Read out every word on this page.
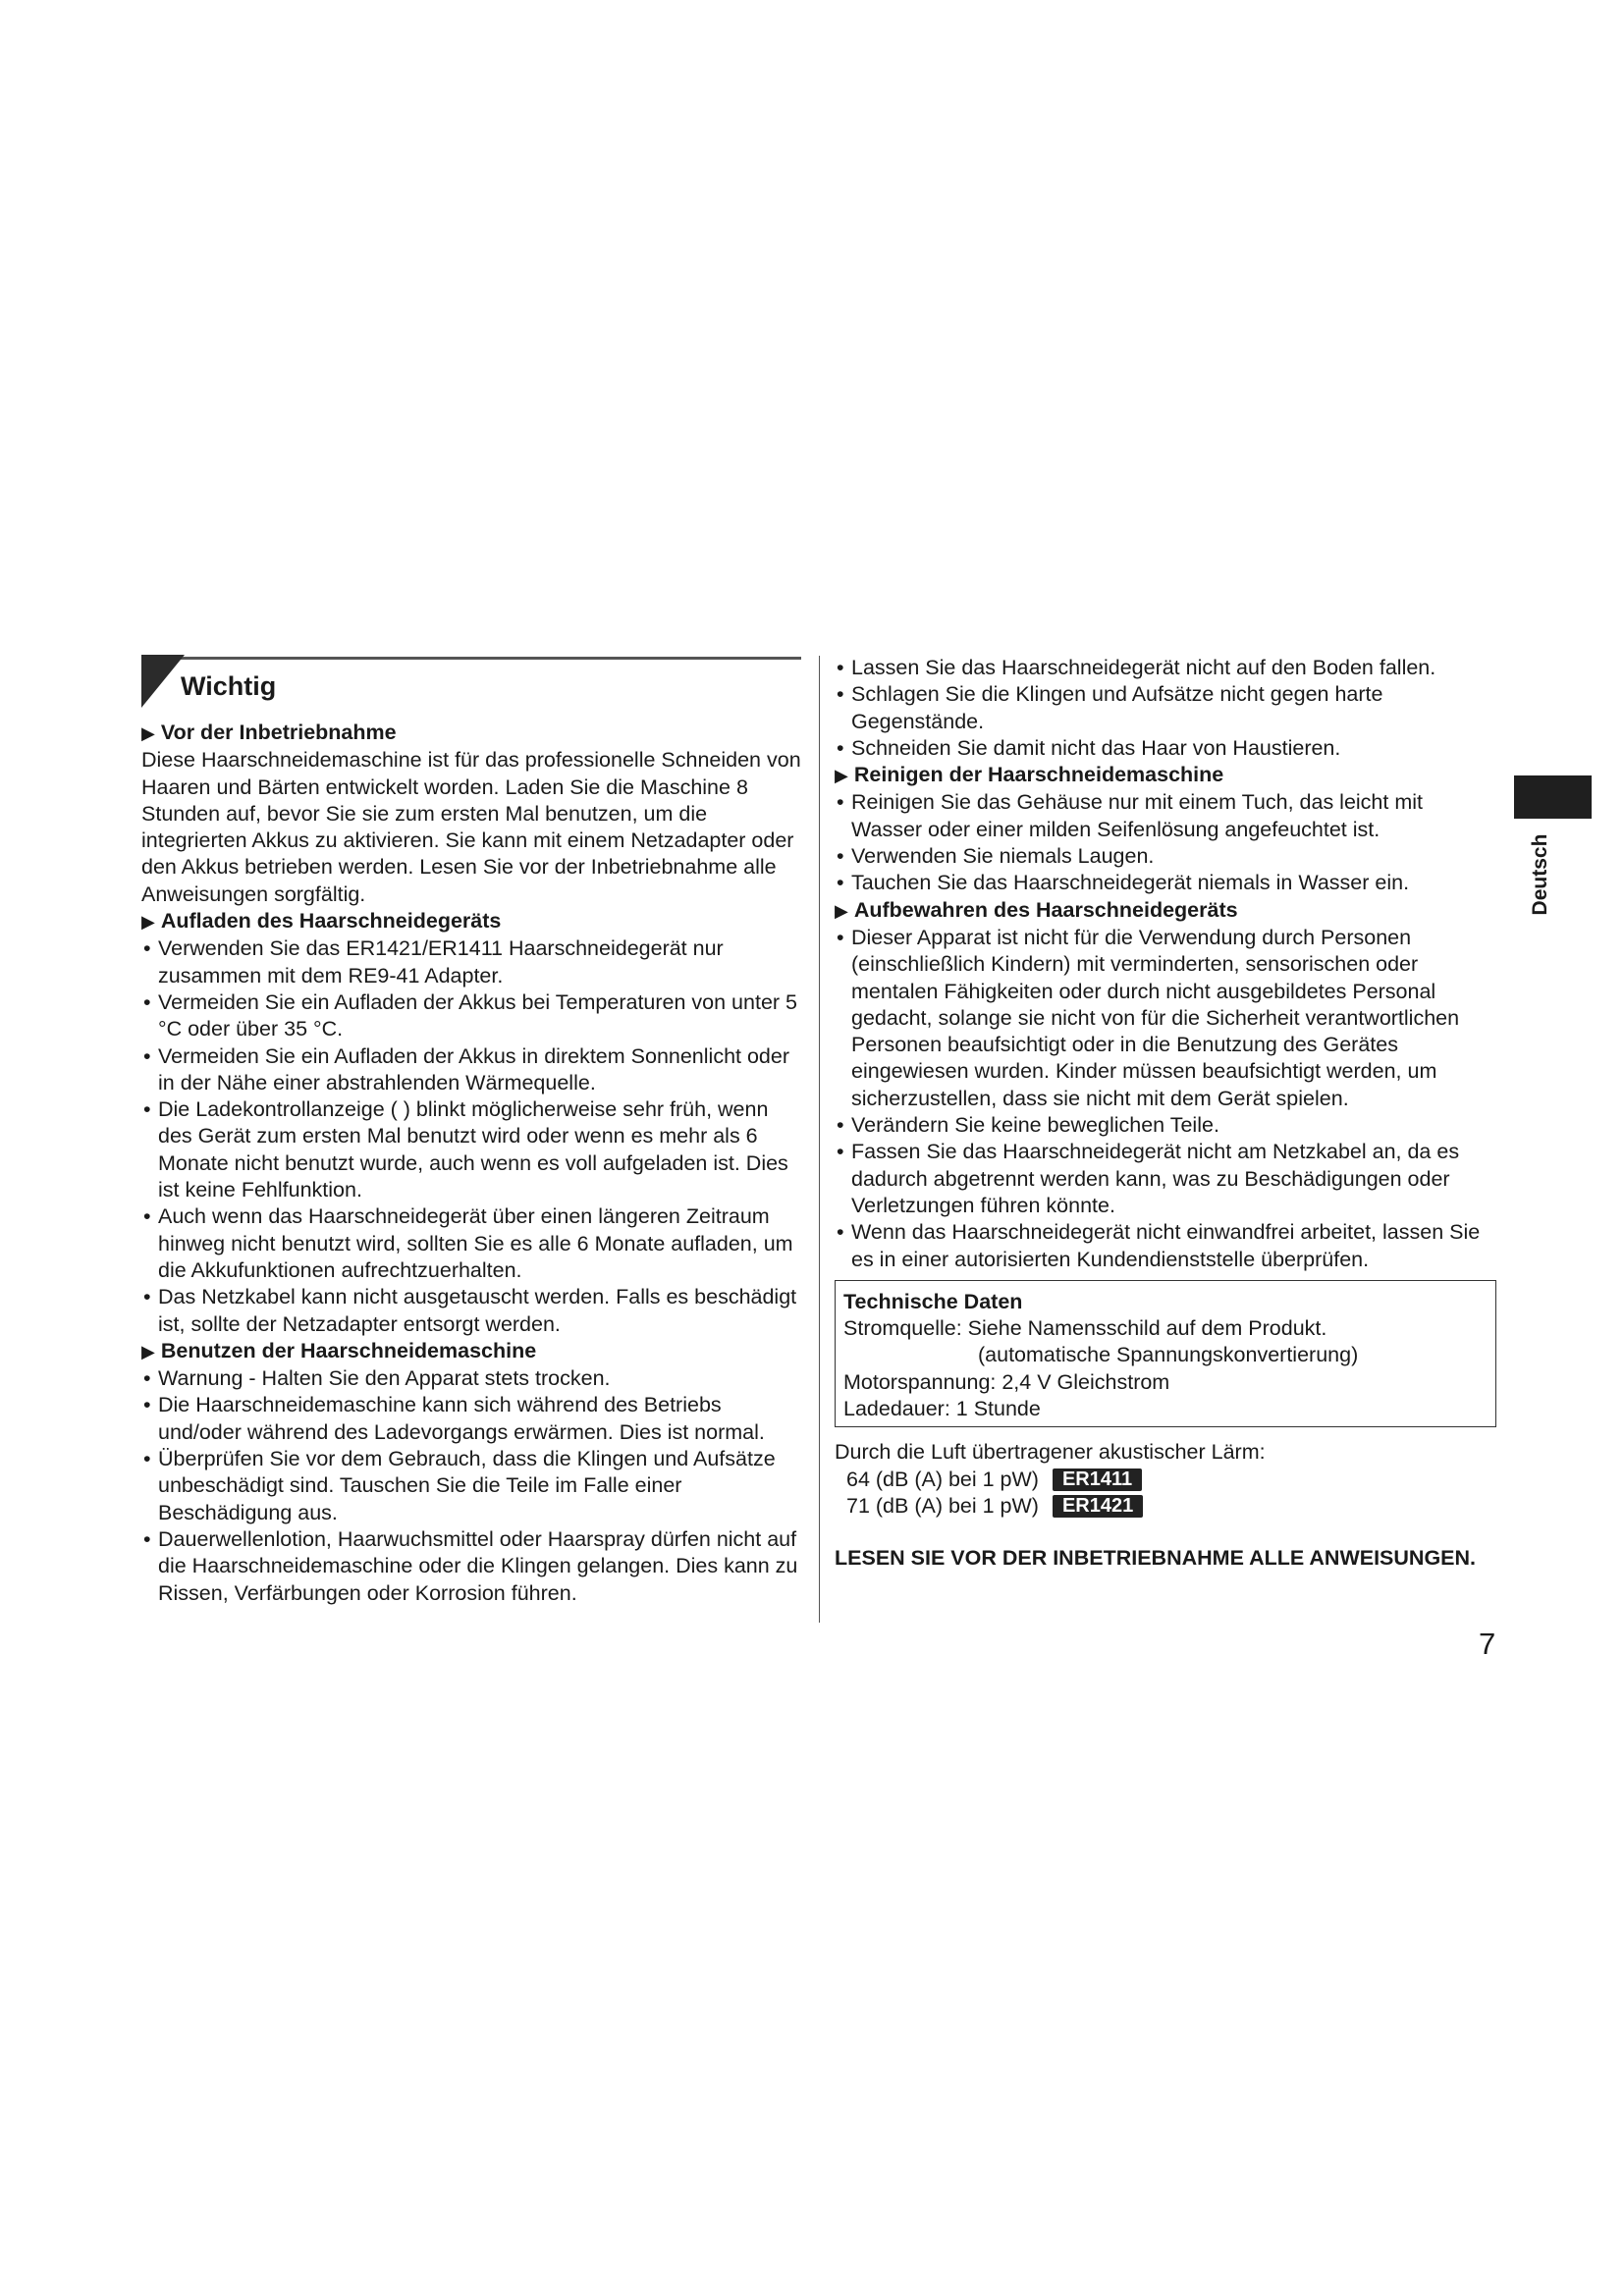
Wichtig
▶ Vor der Inbetriebnahme

Diese Haarschneidemaschine ist für das professionelle Schneiden von Haaren und Bärten entwickelt worden. Laden Sie die Maschine 8 Stunden auf, bevor Sie sie zum ersten Mal benutzen, um die integrierten Akkus zu aktivieren. Sie kann mit einem Netzadapter oder den Akkus betrieben werden. Lesen Sie vor der Inbetriebnahme alle Anweisungen sorgfältig.

▶ Aufladen des Haarschneidegeräts
• Verwenden Sie das ER1421/ER1411 Haarschneidegerät nur zusammen mit dem RE9-41 Adapter.
• Vermeiden Sie ein Aufladen der Akkus bei Temperaturen von unter 5 °C oder über 35 °C.
• Vermeiden Sie ein Aufladen der Akkus in direktem Sonnenlicht oder in der Nähe einer abstrahlenden Wärmequelle.
• Die Ladekontrollanzeige ( ) blinkt möglicherweise sehr früh, wenn des Gerät zum ersten Mal benutzt wird oder wenn es mehr als 6 Monate nicht benutzt wurde, auch wenn es voll aufgeladen ist. Dies ist keine Fehlfunktion.
• Auch wenn das Haarschneidegerät über einen längeren Zeitraum hinweg nicht benutzt wird, sollten Sie es alle 6 Monate aufladen, um die Akkufunktionen aufrechtzuerhalten.
• Das Netzkabel kann nicht ausgetauscht werden. Falls es beschädigt ist, sollte der Netzadapter entsorgt werden.
▶ Benutzen der Haarschneidemaschine
• Warnung - Halten Sie den Apparat stets trocken.
• Die Haarschneidemaschine kann sich während des Betriebs und/oder während des Ladevorgangs erwärmen. Dies ist normal.
• Überprüfen Sie vor dem Gebrauch, dass die Klingen und Aufsätze unbeschädigt sind. Tauschen Sie die Teile im Falle einer Beschädigung aus.
• Dauerwellenlotion, Haarwuchsmittel oder Haarspray dürfen nicht auf die Haarschneidemaschine oder die Klingen gelangen. Dies kann zu Rissen, Verfärbungen oder Korrosion führen.
• Lassen Sie das Haarschneidegerät nicht auf den Boden fallen.
• Schlagen Sie die Klingen und Aufsätze nicht gegen harte Gegenstände.
• Schneiden Sie damit nicht das Haar von Haustieren.
▶ Reinigen der Haarschneidemaschine
• Reinigen Sie das Gehäuse nur mit einem Tuch, das leicht mit Wasser oder einer milden Seifenlösung angefeuchtet ist.
• Verwenden Sie niemals Laugen.
• Tauchen Sie das Haarschneidegerät niemals in Wasser ein.
▶ Aufbewahren des Haarschneidegeräts
• Dieser Apparat ist nicht für die Verwendung durch Personen (einschließlich Kindern) mit verminderten, sensorischen oder mentalen Fähigkeiten oder durch nicht ausgebildetes Personal gedacht, solange sie nicht von für die Sicherheit verantwortlichen Personen beaufsichtigt oder in die Benutzung des Gerätes eingewiesen wurden. Kinder müssen beaufsichtigt werden, um sicherzustellen, dass sie nicht mit dem Gerät spielen.
• Verändern Sie keine beweglichen Teile.
• Fassen Sie das Haarschneidegerät nicht am Netzkabel an, da es dadurch abgetrennt werden kann, was zu Beschädigungen oder Verletzungen führen könnte.
• Wenn das Haarschneidegerät nicht einwandfrei arbeitet, lassen Sie es in einer autorisierten Kundendienststelle überprüfen.
Technische Daten
Stromquelle: Siehe Namensschild auf dem Produkt.
(automatische Spannungskonvertierung)
Motorspannung: 2,4 V Gleichstrom
Ladedauer: 1 Stunde
Durch die Luft übertragener akustischer Lärm:
64 (dB (A) bei 1 pW)	ER1411
71 (dB (A) bei 1 pW)	ER1421
LESEN SIE VOR DER INBETRIEBNAHME ALLE ANWEISUNGEN.
Deutsch
7
